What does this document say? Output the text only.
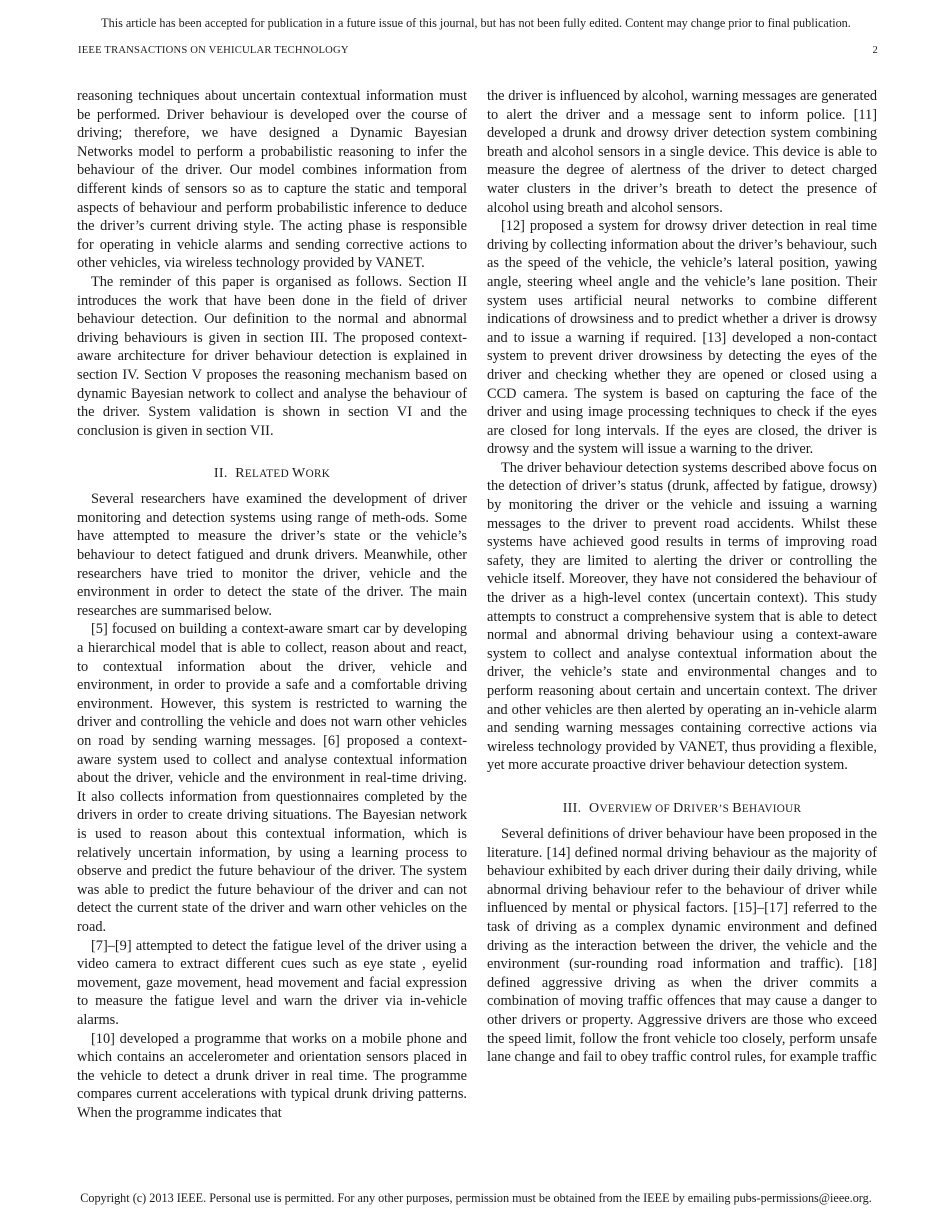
This article has been accepted for publication in a future issue of this journal, but has not been fully edited. Content may change prior to final publication.
IEEE TRANSACTIONS ON VEHICULAR TECHNOLOGY	2

reasoning techniques about uncertain contextual information must be performed. Driver behaviour is developed over the course of driving; therefore, we have designed a Dynamic Bayesian Networks model to perform a probabilistic reasoning to infer the behaviour of the driver. Our model combines information from different kinds of sensors so as to capture the static and temporal aspects of behaviour and perform probabilistic inference to deduce the driver’s current driving style. The acting phase is responsible for operating in vehicle alarms and sending corrective actions to other vehicles, via wireless technology provided by VANET.

The reminder of this paper is organised as follows. Section II introduces the work that have been done in the field of driver behaviour detection. Our definition to the normal and abnormal driving behaviours is given in section III. The proposed context-aware architecture for driver behaviour detection is explained in section IV. Section V proposes the reasoning mechanism based on dynamic Bayesian network to collect and analyse the behaviour of the driver. System validation is shown in section VI and the conclusion is given in section VII.

II. RELATED WORK

Several researchers have examined the development of driver monitoring and detection systems using range of meth-ods. Some have attempted to measure the driver’s state or the vehicle’s behaviour to detect fatigued and drunk drivers. Meanwhile, other researchers have tried to monitor the driver, vehicle and the environment in order to detect the state of the driver. The main researches are summarised below.

[5] focused on building a context-aware smart car by developing a hierarchical model that is able to collect, reason about and react, to contextual information about the driver, vehicle and environment, in order to provide a safe and a comfortable driving environment. However, this system is restricted to warning the driver and controlling the vehicle and does not warn other vehicles on road by sending warning messages. [6] proposed a context-aware system used to collect and analyse contextual information about the driver, vehicle and the environment in real-time driving. It also collects information from questionnaires completed by the drivers in order to create driving situations. The Bayesian network is used to reason about this contextual information, which is relatively uncertain information, by using a learning process to observe and predict the future behaviour of the driver. The system was able to predict the future behaviour of the driver and can not detect the current state of the driver and warn other vehicles on the road.

[7]–[9] attempted to detect the fatigue level of the driver using a video camera to extract different cues such as eye state , eyelid movement, gaze movement, head movement and facial expression to measure the fatigue level and warn the driver via in-vehicle alarms.

[10] developed a programme that works on a mobile phone and which contains an accelerometer and orientation sensors placed in the vehicle to detect a drunk driver in real time. The programme compares current accelerations with typical drunk driving patterns. When the programme indicates that

the driver is influenced by alcohol, warning messages are generated to alert the driver and a message sent to inform police. [11] developed a drunk and drowsy driver detection system combining breath and alcohol sensors in a single device. This device is able to measure the degree of alertness of the driver to detect charged water clusters in the driver’s breath to detect the presence of alcohol using breath and alcohol sensors.

[12] proposed a system for drowsy driver detection in real time driving by collecting information about the driver’s behaviour, such as the speed of the vehicle, the vehicle’s lateral position, yawing angle, steering wheel angle and the vehicle’s lane position. Their system uses artificial neural networks to combine different indications of drowsiness and to predict whether a driver is drowsy and to issue a warning if required. [13] developed a non-contact system to prevent driver drowsiness by detecting the eyes of the driver and checking whether they are opened or closed using a CCD camera. The system is based on capturing the face of the driver and using image processing techniques to check if the eyes are closed for long intervals. If the eyes are closed, the driver is drowsy and the system will issue a warning to the driver.

The driver behaviour detection systems described above focus on the detection of driver’s status (drunk, affected by fatigue, drowsy) by monitoring the driver or the vehicle and issuing a warning messages to the driver to prevent road accidents. Whilst these systems have achieved good results in terms of improving road safety, they are limited to alerting the driver or controlling the vehicle itself. Moreover, they have not considered the behaviour of the driver as a high-level contex (uncertain context). This study attempts to construct a comprehensive system that is able to detect normal and abnormal driving behaviour using a context-aware system to collect and analyse contextual information about the driver, the vehicle’s state and environmental changes and to perform reasoning about certain and uncertain context. The driver and other vehicles are then alerted by operating an in-vehicle alarm and sending warning messages containing corrective actions via wireless technology provided by VANET, thus providing a flexible, yet more accurate proactive driver behaviour detection system.

III. OVERVIEW OF DRIVER’S BEHAVIOUR

Several definitions of driver behaviour have been proposed in the literature. [14] defined normal driving behaviour as the majority of behaviour exhibited by each driver during their daily driving, while abnormal driving behaviour refer to the behaviour of driver while influenced by mental or physical factors. [15]–[17] referred to the task of driving as a complex dynamic environment and defined driving as the interaction between the driver, the vehicle and the environment (sur-rounding road information and traffic). [18] defined aggressive driving as when the driver commits a combination of moving traffic offences that may cause a danger to other drivers or property. Aggressive drivers are those who exceed the speed limit, follow the front vehicle too closely, perform unsafe lane change and fail to obey traffic control rules, for example traffic

Copyright (c) 2013 IEEE. Personal use is permitted. For any other purposes, permission must be obtained from the IEEE by emailing pubs-permissions@ieee.org.
